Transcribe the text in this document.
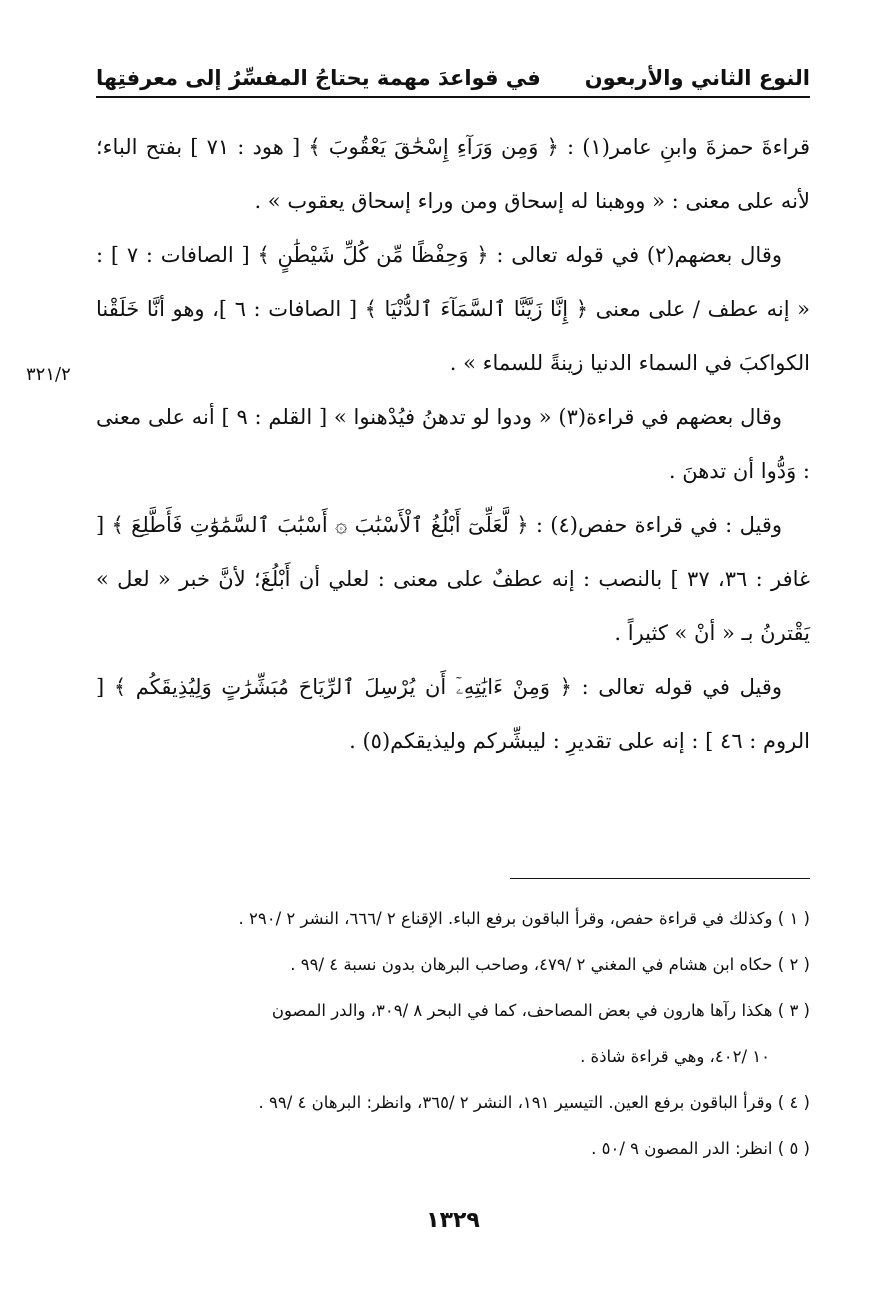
النوع الثاني والأربعون
في قواعدَ مهمة يحتاجُ المفسِّرُ إلى معرفتِها

قراءةَ حمزةَ وابنِ عامر(١) : ﴿ وَمِن وَرَآءِ إِسْحَٰقَ يَعْقُوبَ ﴾ [ هود : ٧١ ] بفتح الباء؛ لأنه على معنى : « ووهبنا له إسحاق ومن وراء إسحاق يعقوب » .

وقال بعضهم(٢) في قوله تعالى : ﴿ وَحِفْظًا مِّن كُلِّ شَيْطَٰنٍ ﴾ [ الصافات : ٧ ] : « إنه عطف / على معنى ﴿ إِنَّا زَيَّنَّا ٱلسَّمَآءَ ٱلدُّنْيَا ﴾ [ الصافات : ٦ ]، وهو أنَّا خَلَقْنا الكواكبَ في السماء الدنيا زينةً للسماء » .

وقال بعضهم في قراءة(٣) « ودوا لو تدهنُ فيُدْهنوا » [ القلم : ٩ ] أنه على معنى : وَدُّوا أن تدهنَ .

وقيل : في قراءة حفص(٤) : ﴿ لَّعَلِّىٓ أَبْلُغُ ٱلْأَسْبَٰبَ ۞ أَسْبَٰبَ ٱلسَّمَٰوَٰتِ فَأَطَّلِعَ ﴾ [ غافر : ٣٦، ٣٧ ] بالنصب : إنه عطفٌ على معنى : لعلي أن أَبْلُغَ؛ لأنَّ خبر « لعل » يَقْترنُ بـ « أنْ » كثيراً .

وقيل في قوله تعالى : ﴿ وَمِنْ ءَايَٰتِهِۦٓ أَن يُرْسِلَ ٱلرِّيَاحَ مُبَشِّرَٰتٍ وَلِيُذِيقَكُم ﴾ [ الروم : ٤٦ ] : إنه على تقديرِ : ليبشِّركم وليذيقكم(٥) .

٣٢١/٢

( ١ ) وكذلك في قراءة حفص، وقرأ الباقون برفع الباء. الإقناع ٢ /٦٦٦، النشر ٢ /٢٩٠ .

( ٢ ) حكاه ابن هشام في المغني ٢ /٤٧٩، وصاحب البرهان بدون نسبة ٤ /٩٩ .

( ٣ ) هكذا رآها هارون في بعض المصاحف، كما في البحر ٨ /٣٠٩، والدر المصون

١٠ /٤٠٢، وهي قراءة شاذة .

( ٤ ) وقرأ الباقون برفع العين. التيسير ١٩١، النشر ٢ /٣٦٥، وانظر: البرهان ٤ /٩٩ .

( ٥ ) انظر: الدر المصون ٩ /٥٠ .

١٣٢٩
